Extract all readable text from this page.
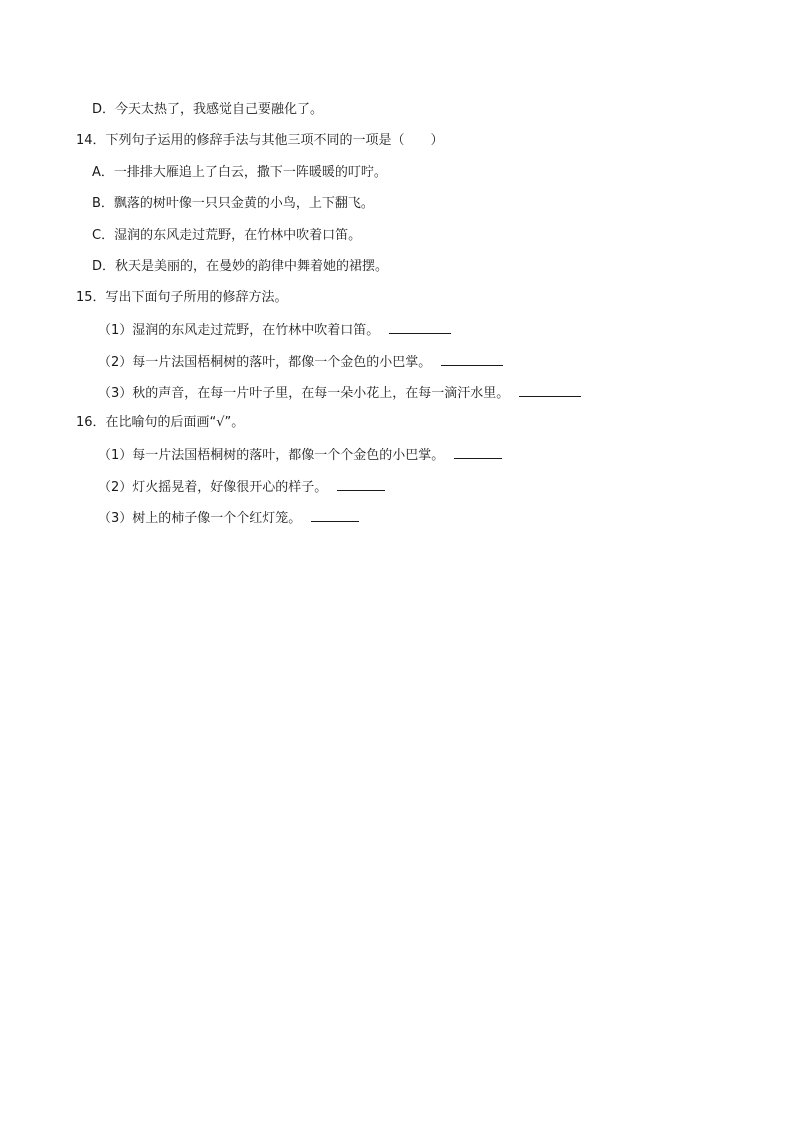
D．今天太热了，我感觉自己要融化了。
14．下列句子运用的修辞手法与其他三项不同的一项是（　　）
A．一排排大雁追上了白云，撒下一阵暖暖的叮咛。
B．飘落的树叶像一只只金黄的小鸟，上下翻飞。
C．湿润的东风走过荒野，在竹林中吹着口笛。
D．秋天是美丽的，在曼妙的韵律中舞着她的裙摆。
15．写出下面句子所用的修辞方法。
（1）湿润的东风走过荒野，在竹林中吹着口笛。
（2）每一片法国梧桐树的落叶，都像一个金色的小巴掌。
（3）秋的声音，在每一片叶子里，在每一朵小花上，在每一滴汗水里。
16．在比喻句的后面画“√”。
（1）每一片法国梧桐树的落叶，都像一个个金色的小巴掌。
（2）灯火摇晃着，好像很开心的样子。
（3）树上的柿子像一个个红灯笼。
